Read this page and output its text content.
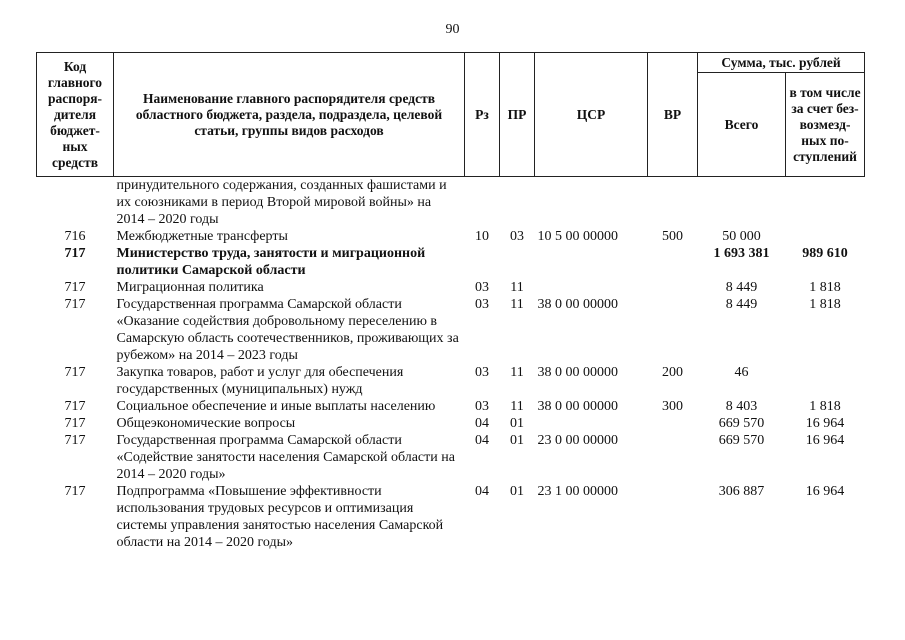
90
Код главного распоря-дителя бюджет-ных средств	Наименование главного распорядителя средств областного бюджета, раздела, подраздела, целевой статьи, группы видов расходов	Рз	ПР	ЦСР	ВР	Сумма, тыс. рублей	
						Всего	в том числе за счет без-возмезд-ных по-ступлений
	принудительного содержания, созданных фашистами и их союзниками в период Второй мировой войны» на 2014 – 2020 годы						
716	Межбюджетные трансферты	10	03	10 5 00 00000	500	50 000	
717	Министерство труда, занятости и миграционной политики Самарской области					1 693 381	989 610
717	Миграционная политика	03	11			8 449	1 818
717	Государственная программа Самарской области «Оказание содействия добровольному переселению в Самарскую область соотечественников, проживающих за рубежом» на 2014 – 2023 годы	03	11	38 0 00 00000		8 449	1 818
717	Закупка товаров, работ и услуг для обеспечения государственных (муниципальных) нужд	03	11	38 0 00 00000	200	46	
717	Социальное обеспечение и иные выплаты населению	03	11	38 0 00 00000	300	8 403	1 818
717	Общеэкономические вопросы	04	01			669 570	16 964
717	Государственная программа Самарской области «Содействие занятости населения Самарской области на 2014 – 2020 годы»	04	01	23 0 00 00000		669 570	16 964
717	Подпрограмма «Повышение эффективности использования трудовых ресурсов и оптимизация системы управления занятостью населения Самарской области на 2014 – 2020 годы»	04	01	23 1 00 00000		306 887	16 964
